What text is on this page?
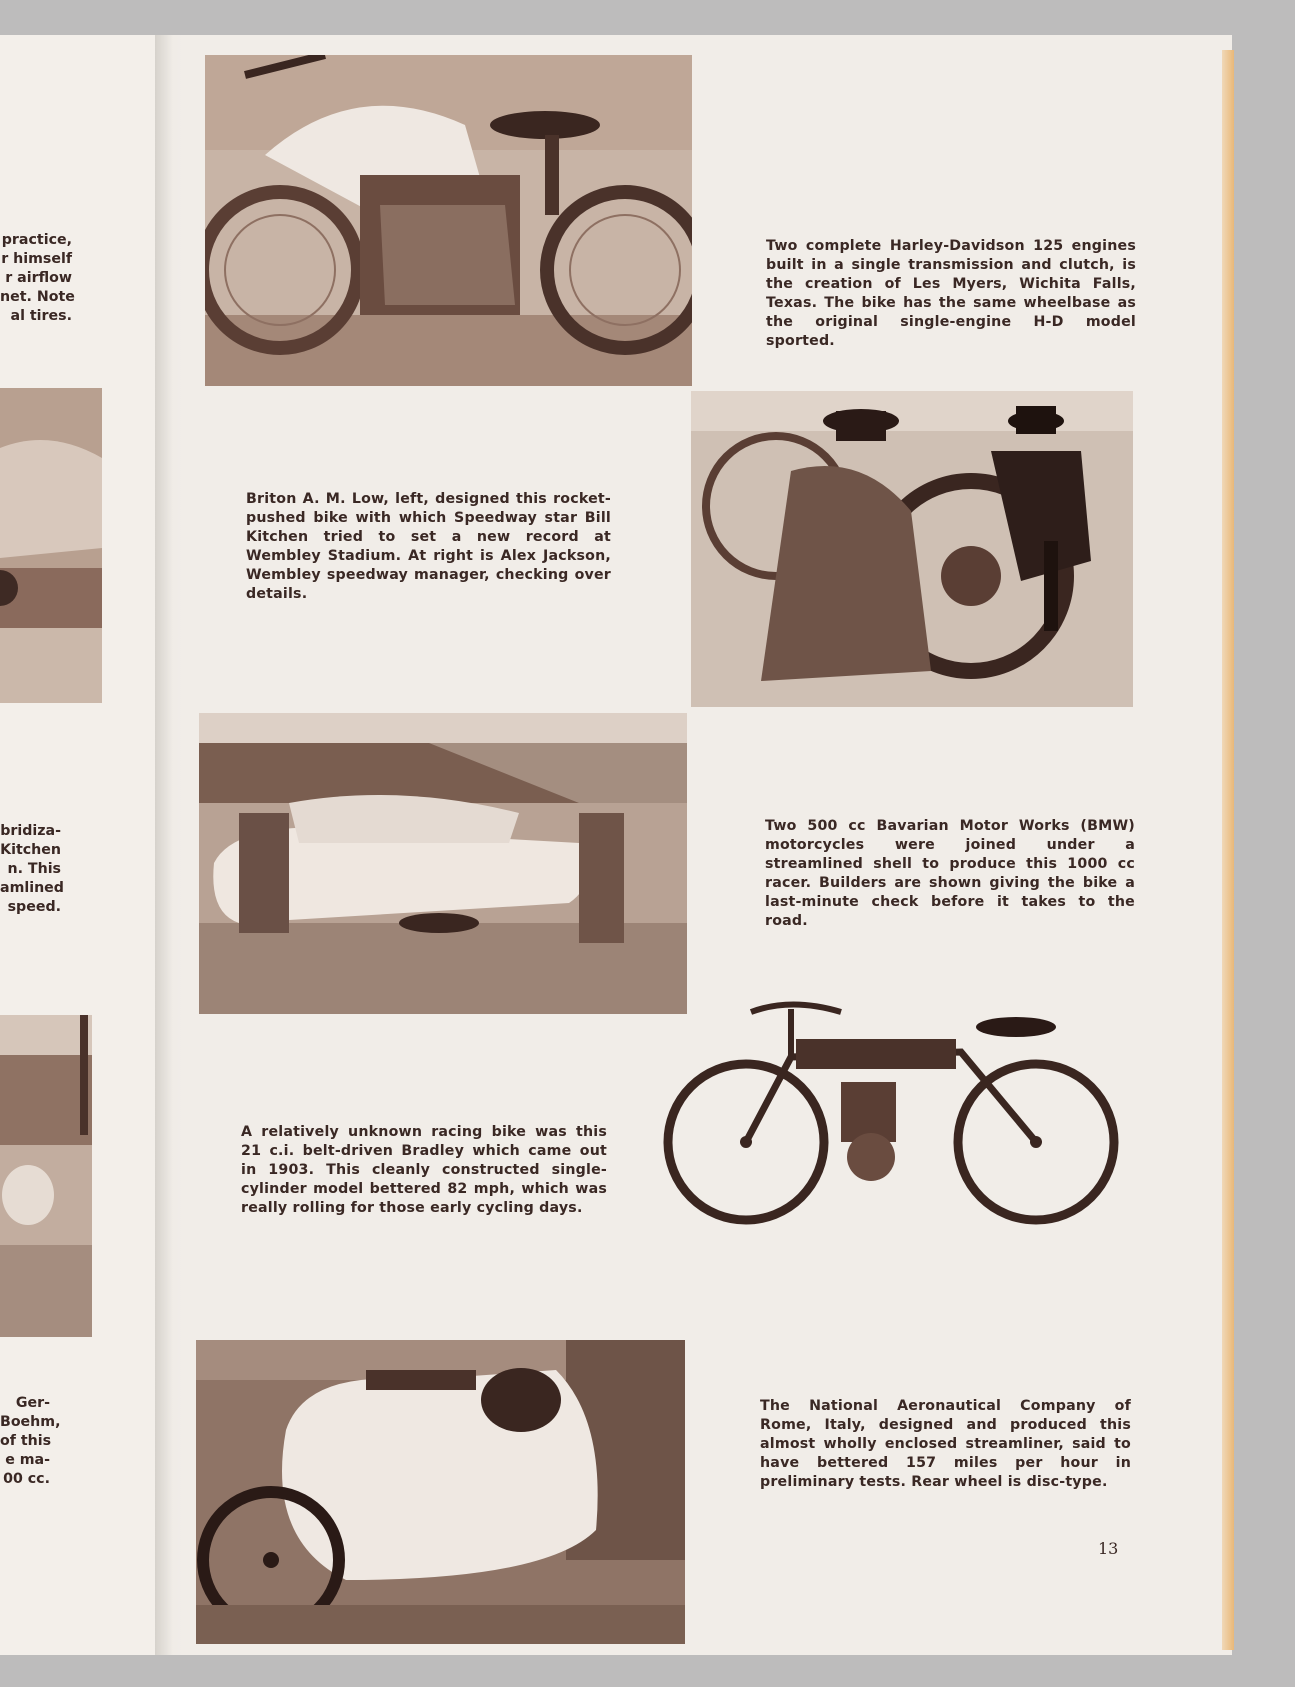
practice,
r himself
r airflow
net. Note
al tires.
bridiza-
Kitchen
n. This
amlined
speed.
Ger-
Boehm,
of this
e ma-
00 cc.

Two complete Harley-Davidson 125 engines built in a single transmission and clutch, is the creation of Les Myers, Wichita Falls, Texas. The bike has the same wheelbase as the original single-engine H-D model sported.

Briton A. M. Low, left, designed this rocket-pushed bike with which Speedway star Bill Kitchen tried to set a new record at Wembley Stadium. At right is Alex Jackson, Wembley speedway manager, checking over details.

Two 500 cc Bavarian Motor Works (BMW) motorcycles were joined under a streamlined shell to produce this 1000 cc racer. Builders are shown giving the bike a last-minute check before it takes to the road.

A relatively unknown racing bike was this 21 c.i. belt-driven Bradley which came out in 1903. This cleanly constructed single-cylinder model bettered 82 mph, which was really rolling for those early cycling days.

The National Aeronautical Company of Rome, Italy, designed and produced this almost wholly enclosed streamliner, said to have bettered 157 miles per hour in preliminary tests. Rear wheel is disc-type.

13
